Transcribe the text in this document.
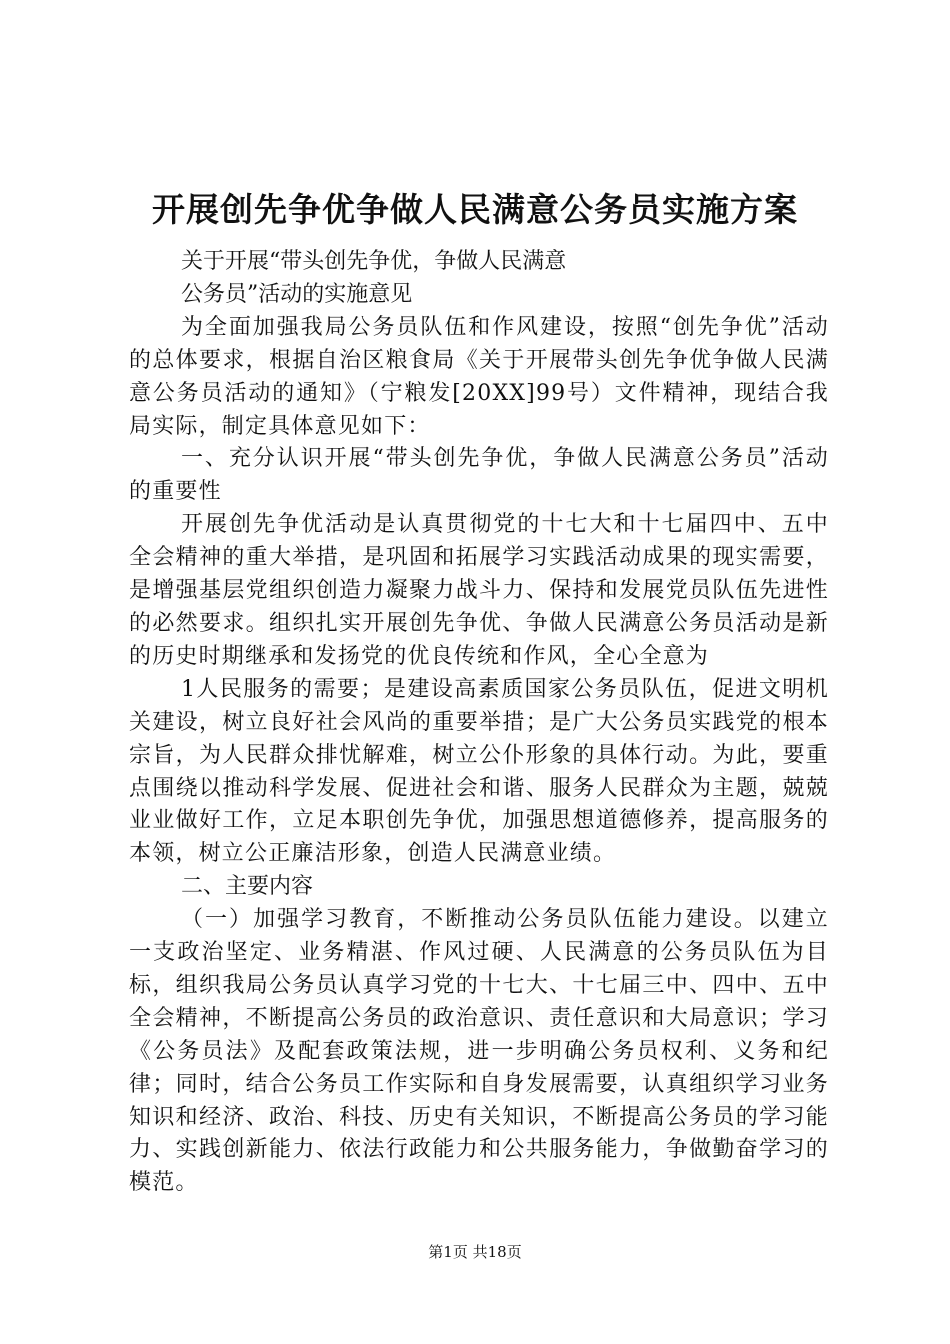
开展创先争优争做人民满意公务员实施方案

关于开展“带头创先争优，争做人民满意

公务员”活动的实施意见

为全面加强我局公务员队伍和作风建设，按照“创先争优”活动的总体要求，根据自治区粮食局《关于开展带头创先争优争做人民满意公务员活动的通知》（宁粮发[20XX]99号）文件精神，现结合我局实际，制定具体意见如下：

一、充分认识开展“带头创先争优，争做人民满意公务员”活动的重要性

开展创先争优活动是认真贯彻党的十七大和十七届四中、五中全会精神的重大举措，是巩固和拓展学习实践活动成果的现实需要，是增强基层党组织创造力凝聚力战斗力、保持和发展党员队伍先进性的必然要求。组织扎实开展创先争优、争做人民满意公务员活动是新的历史时期继承和发扬党的优良传统和作风，全心全意为

1人民服务的需要；是建设高素质国家公务员队伍，促进文明机关建设，树立良好社会风尚的重要举措；是广大公务员实践党的根本宗旨，为人民群众排忧解难，树立公仆形象的具体行动。为此，要重点围绕以推动科学发展、促进社会和谐、服务人民群众为主题，兢兢业业做好工作，立足本职创先争优，加强思想道德修养，提高服务的本领，树立公正廉洁形象，创造人民满意业绩。

二、主要内容

（一）加强学习教育，不断推动公务员队伍能力建设。以建立一支政治坚定、业务精湛、作风过硬、人民满意的公务员队伍为目标，组织我局公务员认真学习党的十七大、十七届三中、四中、五中全会精神，不断提高公务员的政治意识、责任意识和大局意识；学习《公务员法》及配套政策法规，进一步明确公务员权利、义务和纪律；同时，结合公务员工作实际和自身发展需要，认真组织学习业务知识和经济、政治、科技、历史有关知识，不断提高公务员的学习能力、实践创新能力、依法行政能力和公共服务能力，争做勤奋学习的模范。

第1页 共18页
